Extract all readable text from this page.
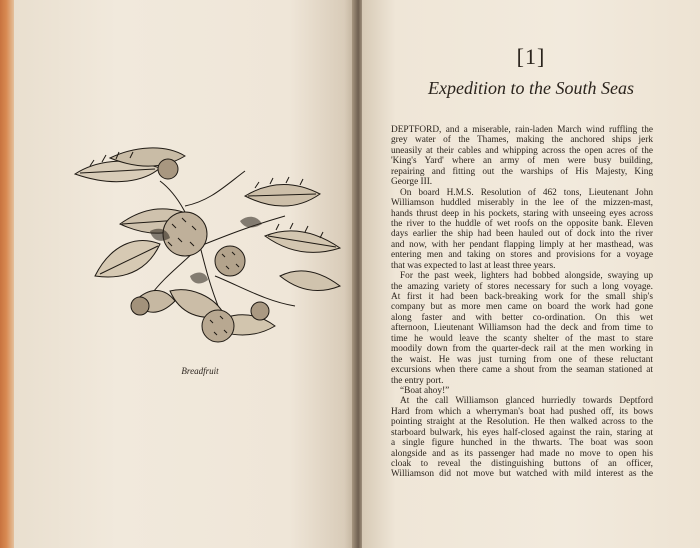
Breadfruit
[1]
Expedition to the South Seas
DEPTFORD, and a miserable, rain-laden March wind ruffling the
grey water of the Thames, making the anchored ships jerk
uneasily at their cables and whipping across the open acres of the
'King's Yard' where an army of men were busy building,
repairing and fitting out the warships of His Majesty, King
George III.
On board H.M.S. Resolution of 462 tons, Lieutenant John
Williamson huddled miserably in the lee of the mizzen-mast,
hands thrust deep in his pockets, staring with unseeing eyes across
the river to the huddle of wet roofs on the opposite bank. Eleven
days earlier the ship had been hauled out of dock into the river
and now, with her pendant flapping limply at her masthead, was
entering men and taking on stores and provisions for a voyage
that was expected to last at least three years.
For the past week, lighters had bobbed alongside, swaying up
the amazing variety of stores necessary for such a long voyage.
At first it had been back-breaking work for the small ship's
company but as more men came on board the work had gone
along faster and with better co-ordination. On this wet
afternoon, Lieutenant Williamson had the deck and from time to
time he would leave the scanty shelter of the mast to stare
moodily down from the quarter-deck rail at the men working in
the waist. He was just turning from one of these reluctant
excursions when there came a shout from the seaman stationed at
the entry port.
“Boat ahoy!”
At the call Williamson glanced hurriedly towards Deptford
Hard from which a wherryman's boat had pushed off, its bows
pointing straight at the Resolution. He then walked across to the
starboard bulwark, his eyes half-closed against the rain, staring at
a single figure hunched in the thwarts. The boat was soon
alongside and as its passenger had made no move to open his
cloak to reveal the distinguishing buttons of an officer,
Williamson did not move but watched with mild interest as the
